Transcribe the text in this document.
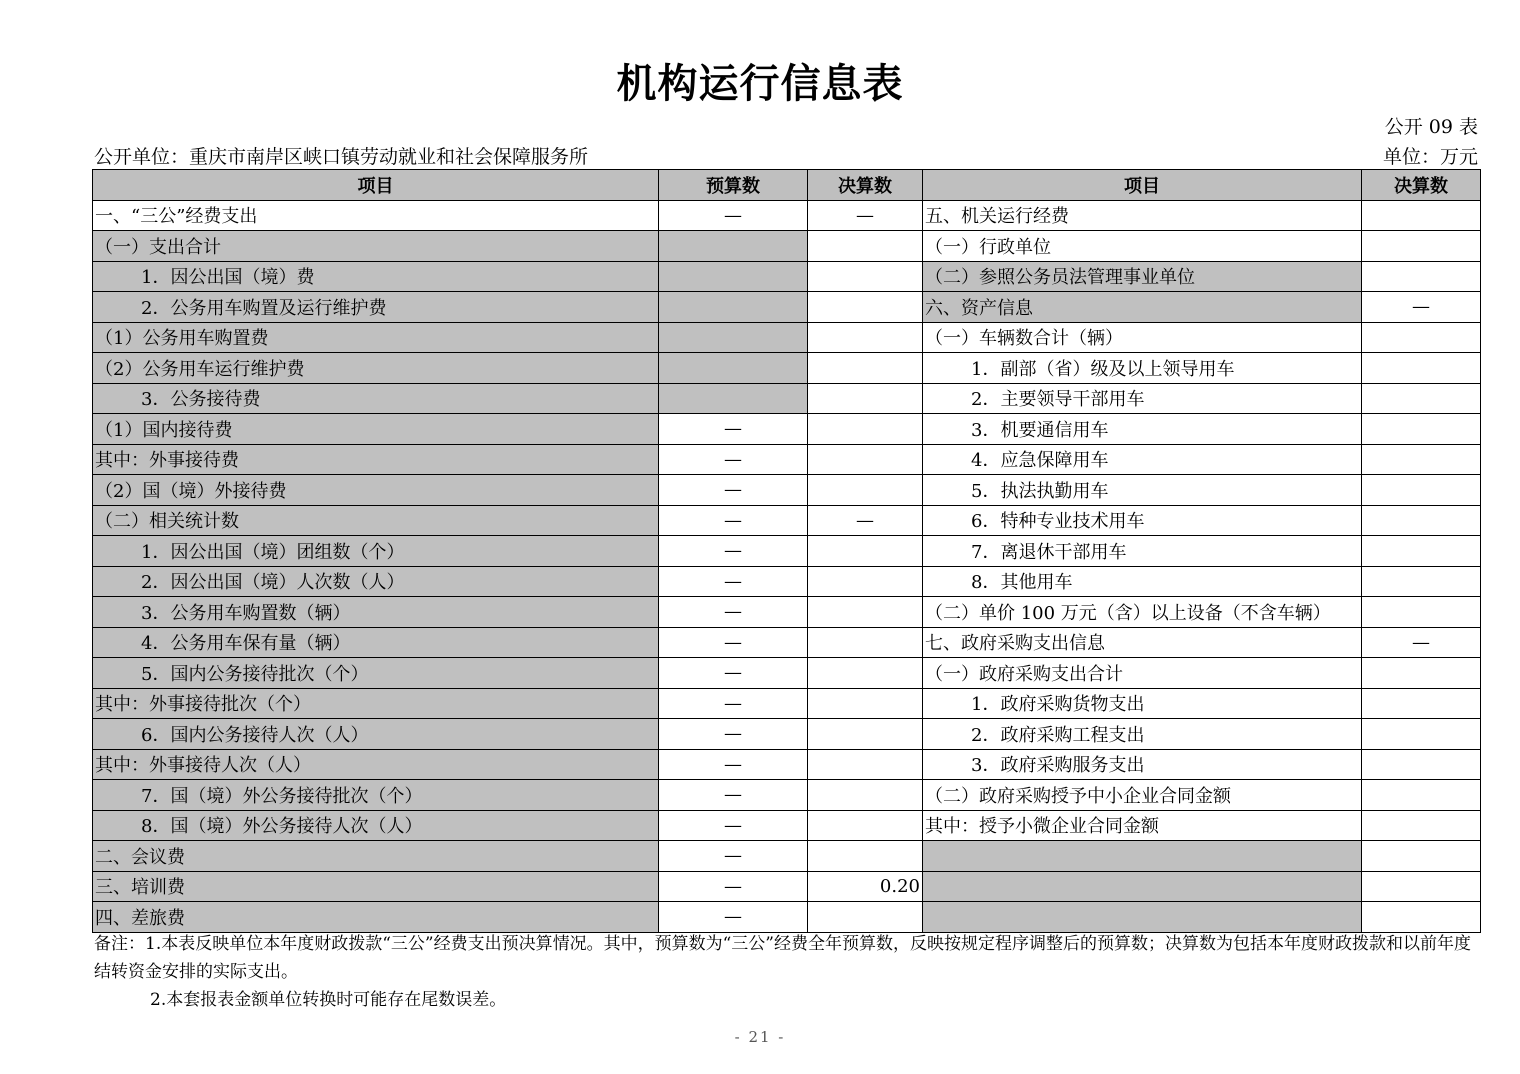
机构运行信息表
公开 09 表
公开单位：重庆市南岸区峡口镇劳动就业和社会保障服务所	单位：万元
项目	预算数	决算数	项目	决算数
一、“三公”经费支出	—	—	五、机关运行经费	
（一）支出合计			（一）行政单位	
1．因公出国（境）费			（二）参照公务员法管理事业单位	
2．公务用车购置及运行维护费			六、资产信息	—
（1）公务用车购置费			（一）车辆数合计（辆）	
（2）公务用车运行维护费			1．副部（省）级及以上领导用车	
3．公务接待费			2．主要领导干部用车	
（1）国内接待费	—		3．机要通信用车	
其中：外事接待费	—		4．应急保障用车	
（2）国（境）外接待费	—		5．执法执勤用车	
（二）相关统计数	—	—	6．特种专业技术用车	
1．因公出国（境）团组数（个）	—		7．离退休干部用车	
2．因公出国（境）人次数（人）	—		8．其他用车	
3．公务用车购置数（辆）	—		（二）单价 100 万元（含）以上设备（不含车辆）	
4．公务用车保有量（辆）	—		七、政府采购支出信息	—
5．国内公务接待批次（个）	—		（一）政府采购支出合计	
其中：外事接待批次（个）	—		1．政府采购货物支出	
6．国内公务接待人次（人）	—		2．政府采购工程支出	
其中：外事接待人次（人）	—		3．政府采购服务支出	
7．国（境）外公务接待批次（个）	—		（二）政府采购授予中小企业合同金额	
8．国（境）外公务接待人次（人）	—		其中：授予小微企业合同金额	
二、会议费	—			
三、培训费	—	0.20		
四、差旅费	—			
备注：1.本表反映单位本年度财政拨款“三公”经费支出预决算情况。其中，预算数为“三公”经费全年预算数，反映按规定程序调整后的预算数；决算数为包括本年度财政拨款和以前年度结转资金安排的实际支出。
2.本套报表金额单位转换时可能存在尾数误差。
- 21 -
